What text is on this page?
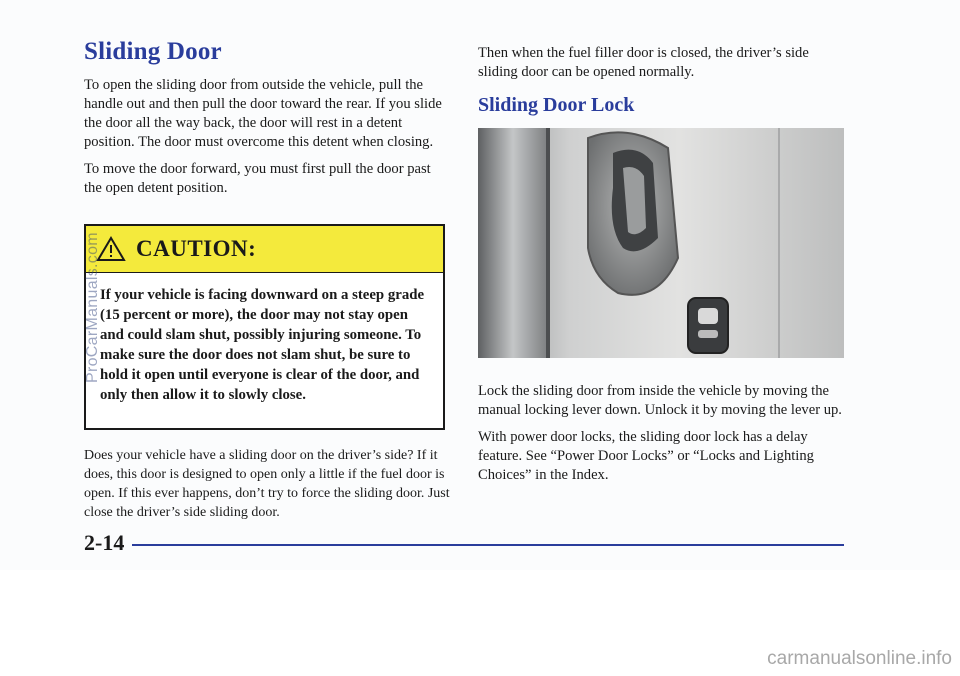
Sliding Door

To open the sliding door from outside the vehicle, pull the handle out and then pull the door toward the rear. If you slide the door all the way back, the door will rest in a detent position. The door must overcome this detent when closing.

To move the door forward, you must first pull the door past the open detent position.

CAUTION:
If your vehicle is facing downward on a steep grade (15 percent or more), the door may not stay open and could slam shut, possibly injuring someone. To make sure the door does not slam shut, be sure to hold it open until everyone is clear of the door, and only then allow it to slowly close.

Does your vehicle have a sliding door on the driver’s side? If it does, this door is designed to open only a little if the fuel door is open. If this ever happens, don’t try to force the sliding door. Just close the driver’s side sliding door.

Then when the fuel filler door is closed, the driver’s side sliding door can be opened normally.

Sliding Door Lock

Lock the sliding door from inside the vehicle by moving the manual locking lever down. Unlock it by moving the lever up.

With power door locks, the sliding door lock has a delay feature. See “Power Door Locks” or “Locks and Lighting Choices” in the Index.

2-14
ProCarManuals.com
carmanualsonline.info
